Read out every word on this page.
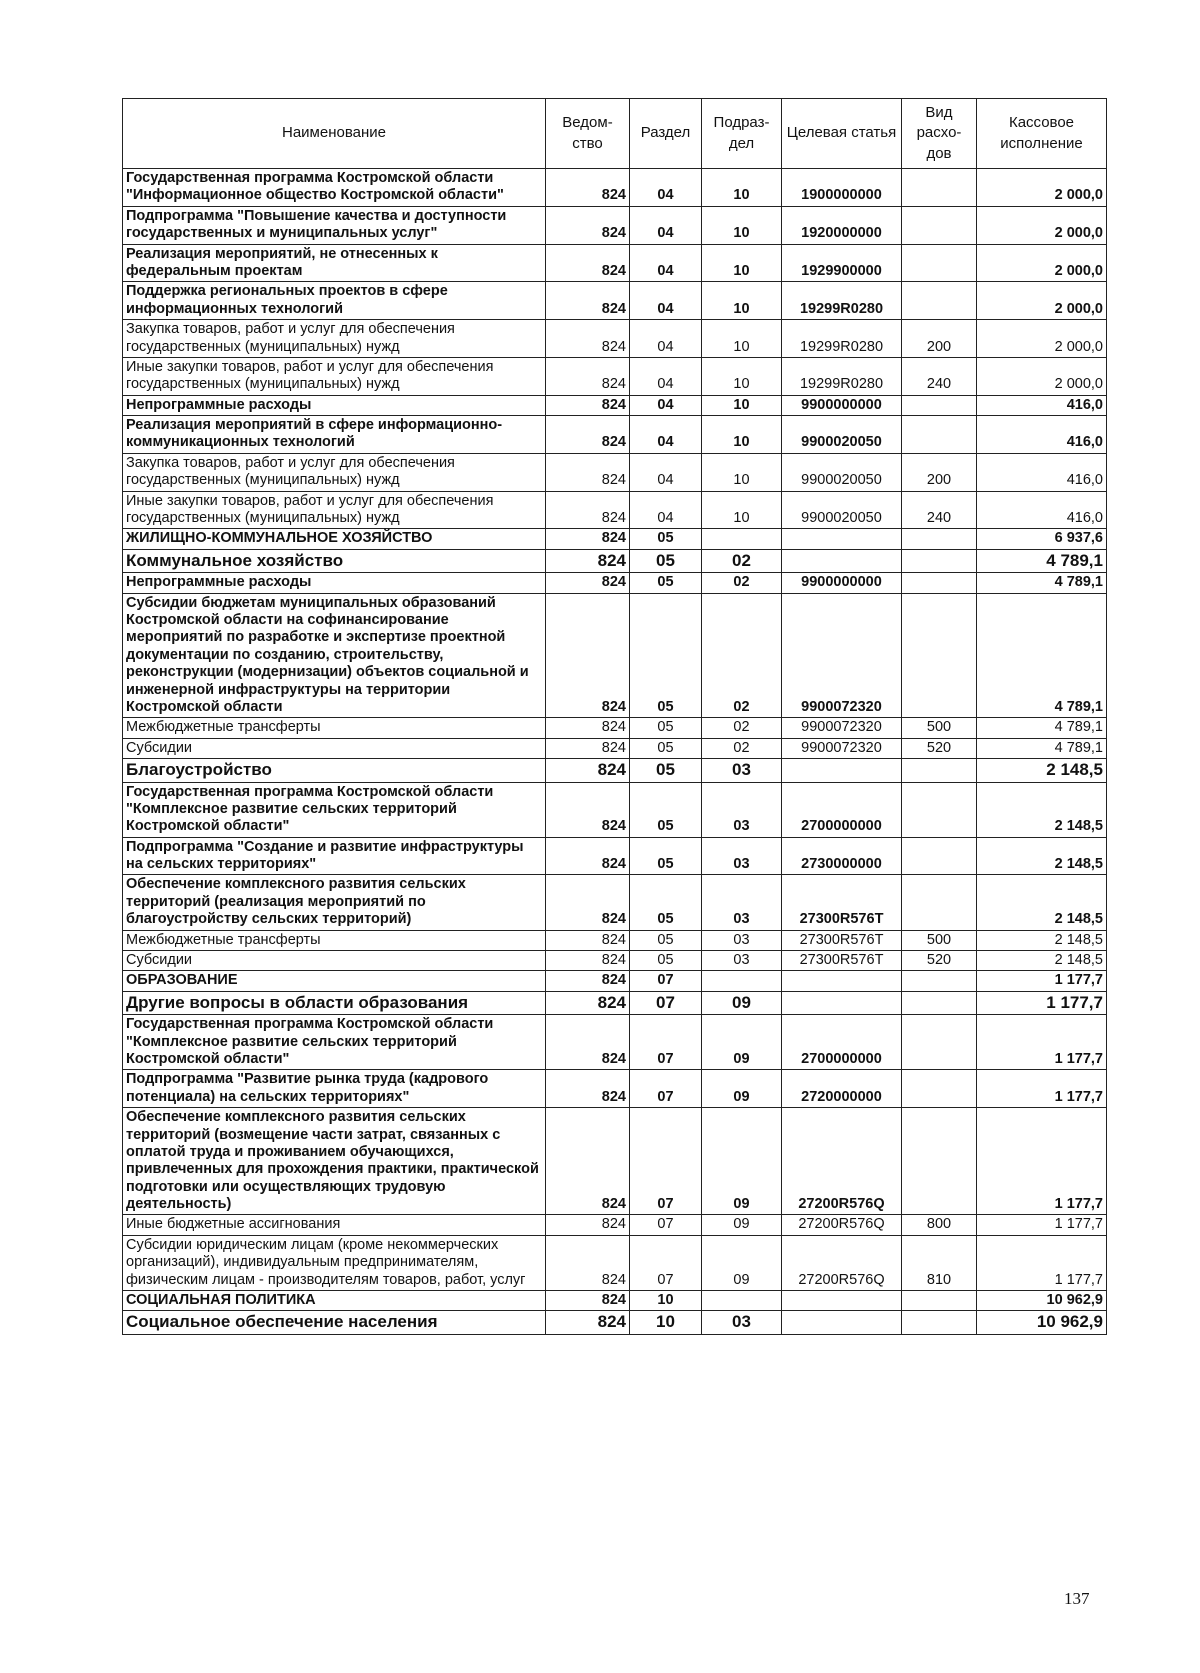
Наименование	Ведом-ство	Раздел	Подраз-дел	Целевая статья	Вид расхо-дов	Кассовое исполнение
Государственная программа Костромской области "Информационное общество Костромской области"	824	04	10	1900000000		2 000,0
Подпрограмма "Повышение качества и доступности государственных и муниципальных услуг"	824	04	10	1920000000		2 000,0
Реализация мероприятий, не отнесенных к федеральным проектам	824	04	10	1929900000		2 000,0
Поддержка региональных проектов в сфере информационных технологий	824	04	10	19299R0280		2 000,0
Закупка товаров, работ и услуг для обеспечения государственных (муниципальных) нужд	824	04	10	19299R0280	200	2 000,0
Иные закупки товаров, работ и услуг для обеспечения государственных (муниципальных) нужд	824	04	10	19299R0280	240	2 000,0
Непрограммные расходы	824	04	10	9900000000		416,0
Реализация мероприятий в сфере информационно-коммуникационных технологий	824	04	10	9900020050		416,0
Закупка товаров, работ и услуг для обеспечения государственных (муниципальных) нужд	824	04	10	9900020050	200	416,0
Иные закупки товаров, работ и услуг для обеспечения государственных (муниципальных) нужд	824	04	10	9900020050	240	416,0
ЖИЛИЩНО-КОММУНАЛЬНОЕ ХОЗЯЙСТВО	824	05				6 937,6
Коммунальное хозяйство	824	05	02			4 789,1
Непрограммные расходы	824	05	02	9900000000		4 789,1
Субсидии бюджетам муниципальных образований Костромской области на софинансирование мероприятий по разработке и экспертизе проектной документации по созданию, строительству, реконструкции (модернизации) объектов социальной и инженерной инфраструктуры на территории Костромской области	824	05	02	9900072320		4 789,1
Межбюджетные трансферты	824	05	02	9900072320	500	4 789,1
Субсидии	824	05	02	9900072320	520	4 789,1
Благоустройство	824	05	03			2 148,5
Государственная программа Костромской области "Комплексное развитие сельских территорий Костромской области"	824	05	03	2700000000		2 148,5
Подпрограмма "Создание и развитие инфраструктуры на сельских территориях"	824	05	03	2730000000		2 148,5
Обеспечение комплексного развития сельских территорий (реализация мероприятий по благоустройству сельских территорий)	824	05	03	27300R576T		2 148,5
Межбюджетные трансферты	824	05	03	27300R576T	500	2 148,5
Субсидии	824	05	03	27300R576T	520	2 148,5
ОБРАЗОВАНИЕ	824	07				1 177,7
Другие вопросы в области образования	824	07	09			1 177,7
Государственная программа Костромской области "Комплексное развитие сельских территорий Костромской области"	824	07	09	2700000000		1 177,7
Подпрограмма "Развитие рынка труда (кадрового потенциала) на сельских территориях"	824	07	09	2720000000		1 177,7
Обеспечение комплексного развития сельских территорий (возмещение части затрат, связанных с оплатой труда и проживанием обучающихся, привлеченных для прохождения практики, практической подготовки или осуществляющих трудовую деятельность)	824	07	09	27200R576Q		1 177,7
Иные бюджетные ассигнования	824	07	09	27200R576Q	800	1 177,7
Субсидии юридическим лицам (кроме некоммерческих организаций), индивидуальным предпринимателям, физическим лицам - производителям товаров, работ, услуг	824	07	09	27200R576Q	810	1 177,7
СОЦИАЛЬНАЯ ПОЛИТИКА	824	10				10 962,9
Социальное обеспечение населения	824	10	03			10 962,9
137
